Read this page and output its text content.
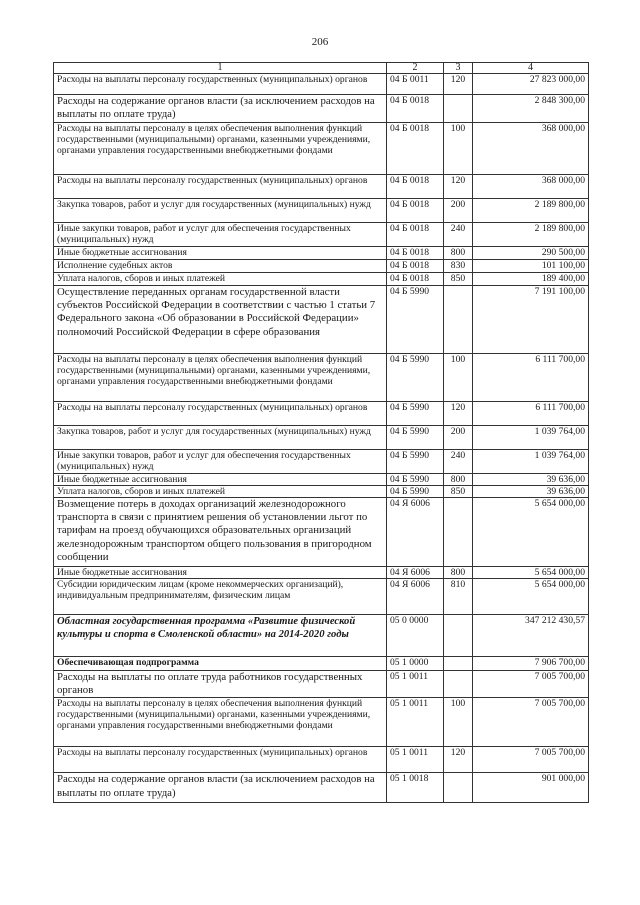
206
1	2	3	4
Расходы на выплаты персоналу государственных (муниципальных) органов	04 Б 0011	120	27 823 000,00
Расходы на содержание органов власти (за исключением расходов на выплаты по оплате труда)	04 Б 0018		2 848 300,00
Расходы на выплаты персоналу в целях обеспечения выполнения функций государственными (муниципальными) органами, казенными учреждениями, органами управления государственными внебюджетными фондами	04 Б 0018	100	368 000,00
Расходы на выплаты персоналу государственных (муниципальных) органов	04 Б 0018	120	368 000,00
Закупка товаров, работ и услуг для государственных (муниципальных) нужд	04 Б 0018	200	2 189 800,00
Иные закупки товаров, работ и услуг для обеспечения государственных (муниципальных) нужд	04 Б 0018	240	2 189 800,00
Иные бюджетные ассигнования	04 Б 0018	800	290 500,00
Исполнение судебных актов	04 Б 0018	830	101 100,00
Уплата налогов, сборов и иных платежей	04 Б 0018	850	189 400,00
Осуществление переданных органам государственной власти субъектов Российской Федерации в соответствии с частью 1 статьи 7 Федерального закона «Об образовании в Российской Федерации» полномочий Российской Федерации в сфере образования	04 Б 5990		7 191 100,00
Расходы на выплаты персоналу в целях обеспечения выполнения функций государственными (муниципальными) органами, казенными учреждениями, органами управления государственными внебюджетными фондами	04 Б 5990	100	6 111 700,00
Расходы на выплаты персоналу государственных (муниципальных) органов	04 Б 5990	120	6 111 700,00
Закупка товаров, работ и услуг для государственных (муниципальных) нужд	04 Б 5990	200	1 039 764,00
Иные закупки товаров, работ и услуг для обеспечения государственных (муниципальных) нужд	04 Б 5990	240	1 039 764,00
Иные бюджетные ассигнования	04 Б 5990	800	39 636,00
Уплата налогов, сборов и иных платежей	04 Б 5990	850	39 636,00
Возмещение потерь в доходах организаций железнодорожного транспорта в связи с принятием решения об установлении льгот по тарифам на проезд обучающихся образовательных организаций железнодорожным транспортом общего пользования в пригородном сообщении	04 Я 6006		5 654 000,00
Иные бюджетные ассигнования	04 Я 6006	800	5 654 000,00
Субсидии юридическим лицам (кроме некоммерческих организаций), индивидуальным предпринимателям, физическим лицам	04 Я 6006	810	5 654 000,00
Областная государственная программа «Развитие физической культуры и спорта в Смоленской области» на 2014-2020 годы	05 0 0000		347 212 430,57
Обеспечивающая подпрограмма	05 1 0000		7 906 700,00
Расходы на выплаты по оплате труда работников государственных органов	05 1 0011		7 005 700,00
Расходы на выплаты персоналу в целях обеспечения выполнения функций государственными (муниципальными) органами, казенными учреждениями, органами управления государственными внебюджетными фондами	05 1 0011	100	7 005 700,00
Расходы на выплаты персоналу государственных (муниципальных) органов	05 1 0011	120	7 005 700,00
Расходы на содержание органов власти (за исключением расходов на выплаты по оплате труда)	05 1 0018		901 000,00
